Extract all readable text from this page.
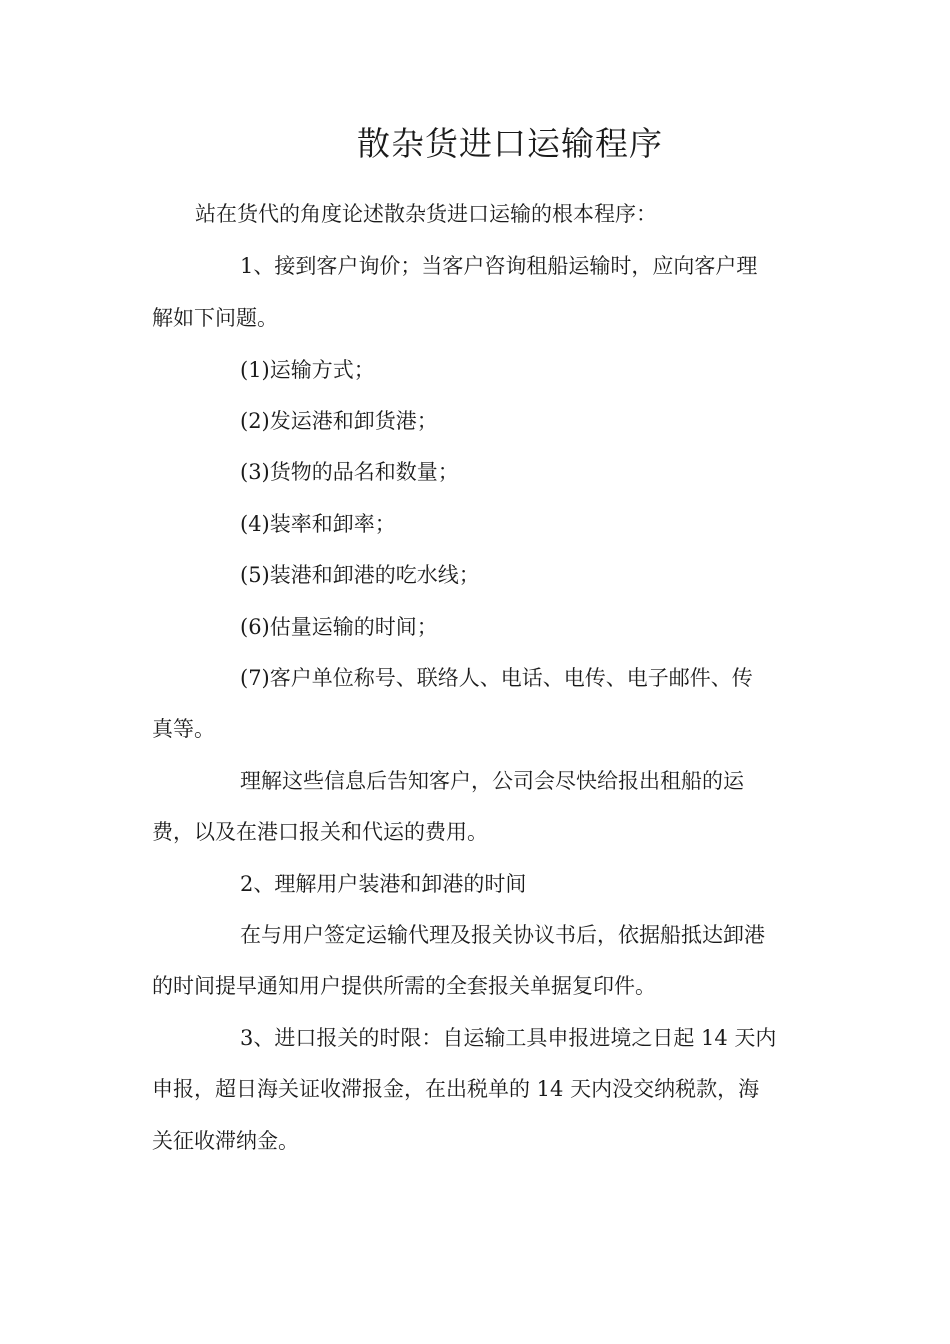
散杂货进口运输程序
站在货代的角度论述散杂货进口运输的根本程序：
1、接到客户询价；当客户咨询租船运输时，应向客户理
解如下问题。
(1)运输方式；
(2)发运港和卸货港；
(3)货物的品名和数量；
(4)装率和卸率；
(5)装港和卸港的吃水线；
(6)估量运输的时间；
(7)客户单位称号、联络人、电话、电传、电子邮件、传
真等。
理解这些信息后告知客户，公司会尽快给报出租船的运
费，以及在港口报关和代运的费用。
2、理解用户装港和卸港的时间
在与用户签定运输代理及报关协议书后，依据船抵达卸港
的时间提早通知用户提供所需的全套报关单据复印件。
3、进口报关的时限：自运输工具申报进境之日起 14 天内
申报，超日海关证收滞报金，在出税单的 14 天内没交纳税款，海
关征收滞纳金。
